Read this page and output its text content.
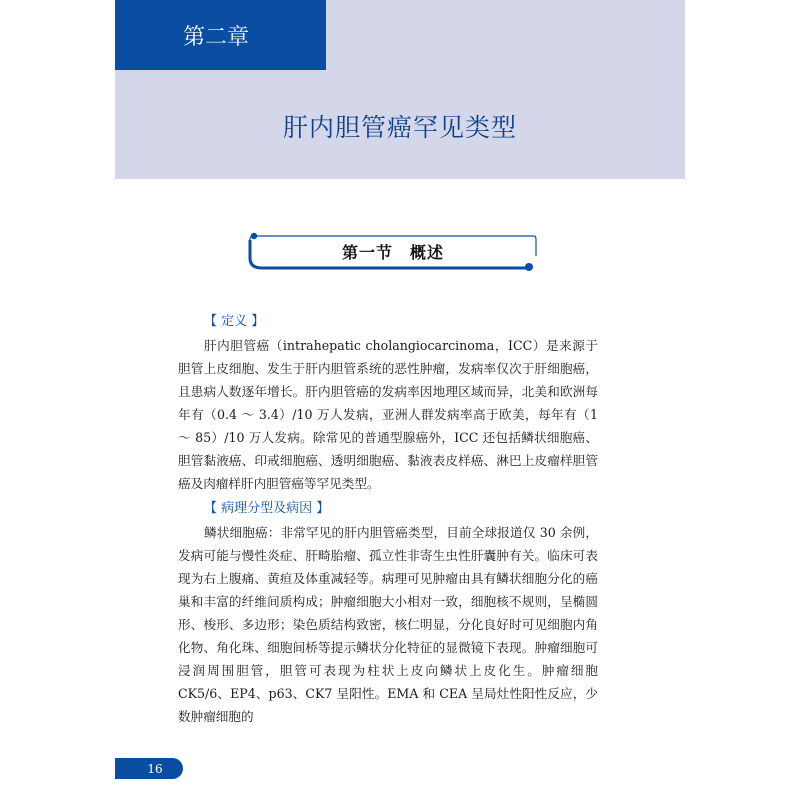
第二章
肝内胆管癌罕见类型
第一节　概述
【 定义 】

肝内胆管癌（intrahepatic cholangiocarcinoma，ICC）是来源于胆管上皮细胞、发生于肝内胆管系统的恶性肿瘤，发病率仅次于肝细胞癌，且患病人数逐年增长。肝内胆管癌的发病率因地理区域而异，北美和欧洲每年有（0.4 ～ 3.4）/10 万人发病，亚洲人群发病率高于欧美，每年有（1 ～ 85）/10 万人发病。除常见的普通型腺癌外，ICC 还包括鳞状细胞癌、胆管黏液癌、印戒细胞癌、透明细胞癌、黏液表皮样癌、淋巴上皮瘤样胆管癌及肉瘤样肝内胆管癌等罕见类型。

【 病理分型及病因 】

鳞状细胞癌：非常罕见的肝内胆管癌类型，目前全球报道仅 30 余例，发病可能与慢性炎症、肝畸胎瘤、孤立性非寄生虫性肝囊肿有关。临床可表现为右上腹痛、黄疸及体重减轻等。病理可见肿瘤由具有鳞状细胞分化的癌巢和丰富的纤维间质构成；肿瘤细胞大小相对一致，细胞核不规则，呈椭圆形、梭形、多边形；染色质结构致密，核仁明显，分化良好时可见细胞内角化物、角化珠、细胞间桥等提示鳞状分化特征的显微镜下表现。肿瘤细胞可浸润周围胆管，胆管可表现为柱状上皮向鳞状上皮化生。肿瘤细胞 CK5/6、EP4、p63、CK7 呈阳性。EMA 和 CEA 呈局灶性阳性反应，少数肿瘤细胞的

16
